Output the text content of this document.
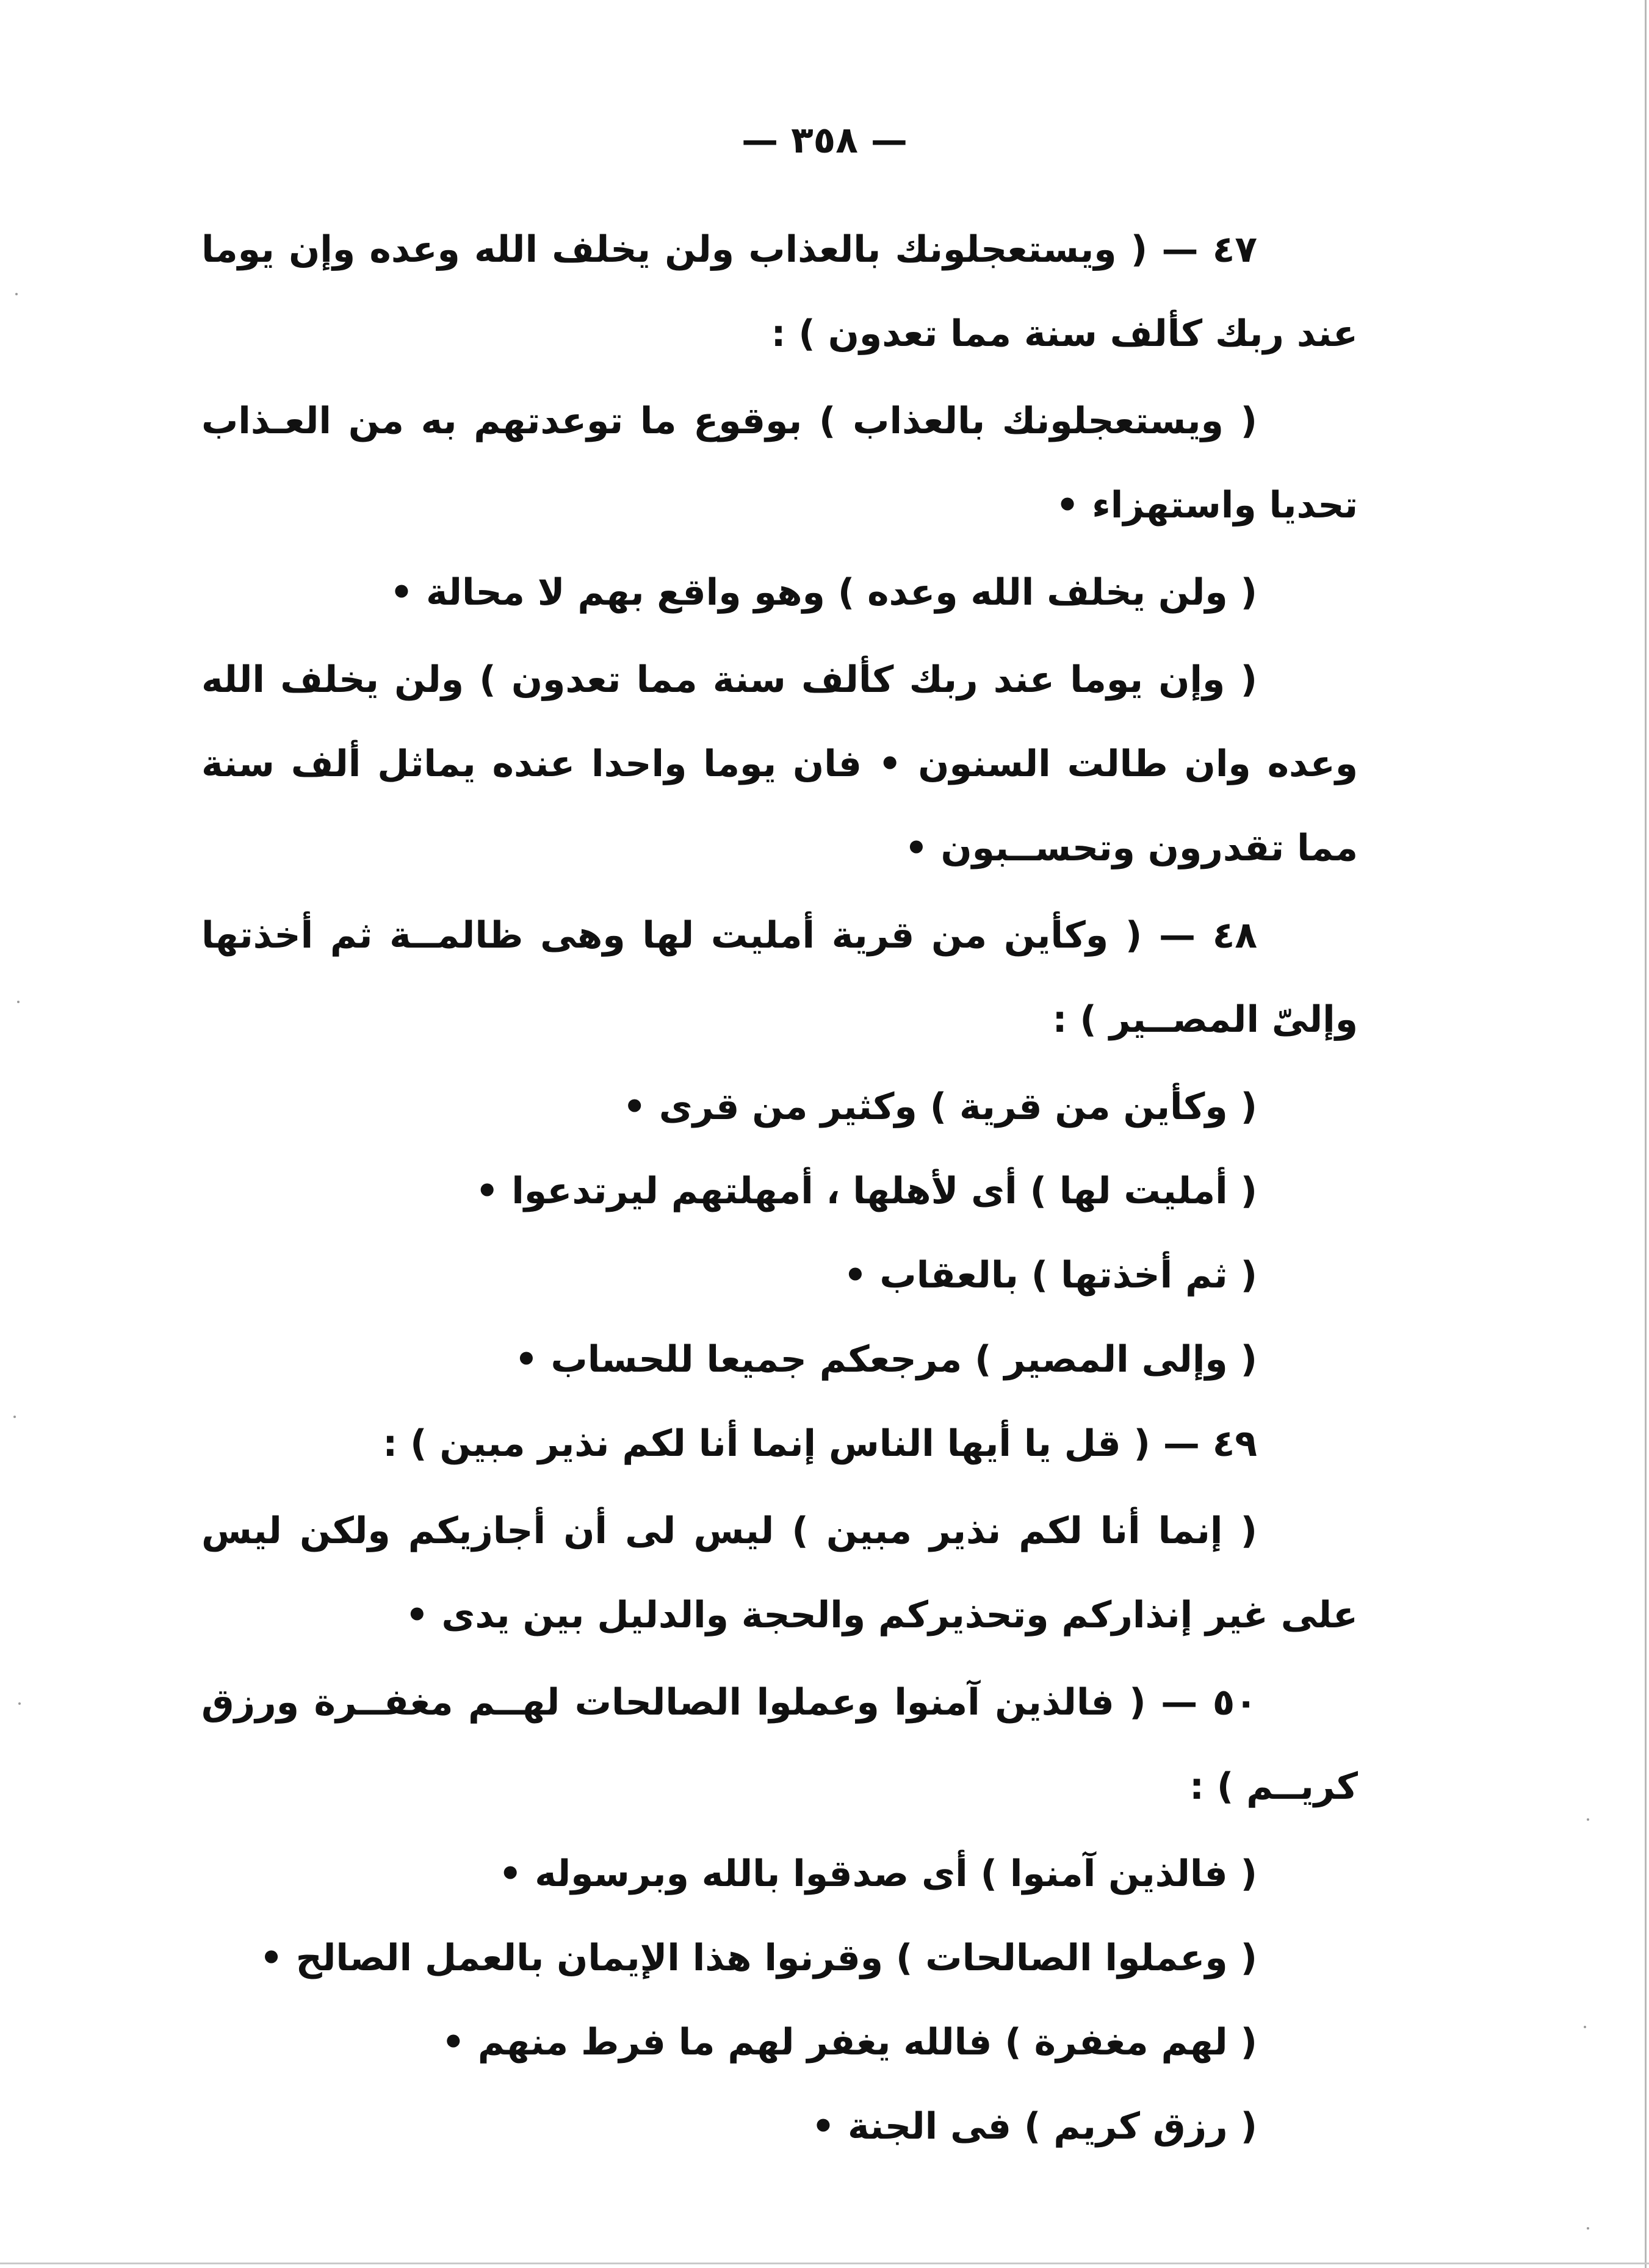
— ٣٥٨ —

٤٧ — ( ويستعجلونك بالعذاب ولن يخلف الله وعده وإن يوما عند ربك كألف سنة مما تعدون ) :

( ويستعجلونك بالعذاب ) بوقوع ما توعدتهم به من العـذاب تحديا واستهزاء •

( ولن يخلف الله وعده ) وهو واقع بهم لا محالة •

( وإن يوما عند ربك كألف سنة مما تعدون ) ولن يخلف الله وعده وان طالت السنون • فان يوما واحدا عنده يماثل ألف سنة مما تقدرون وتحســبون •

٤٨ — ( وكأين من قرية أمليت لها وهى ظالمــة ثم أخذتها وإلىّ المصــير ) :

( وكأين من قرية ) وكثير من قرى •

( أمليت لها ) أى لأهلها ، أمهلتهم ليرتدعوا •

( ثم أخذتها ) بالعقاب •

( وإلى المصير ) مرجعكم جميعا للحساب •

٤٩ — ( قل يا أيها الناس إنما أنا لكم نذير مبين ) :

( إنما أنا لكم نذير مبين ) ليس لى أن أجازيكم ولكن ليس على غير إنذاركم وتحذيركم والحجة والدليل بين يدى •

٥٠ — ( فالذين آمنوا وعملوا الصالحات لهــم مغفــرة ورزق كريــم ) :

( فالذين آمنوا ) أى صدقوا بالله وبرسوله •

( وعملوا الصالحات ) وقرنوا هذا الإيمان بالعمل الصالح •

( لهم مغفرة ) فالله يغفر لهم ما فرط منهم •

( رزق كريم ) فى الجنة •
